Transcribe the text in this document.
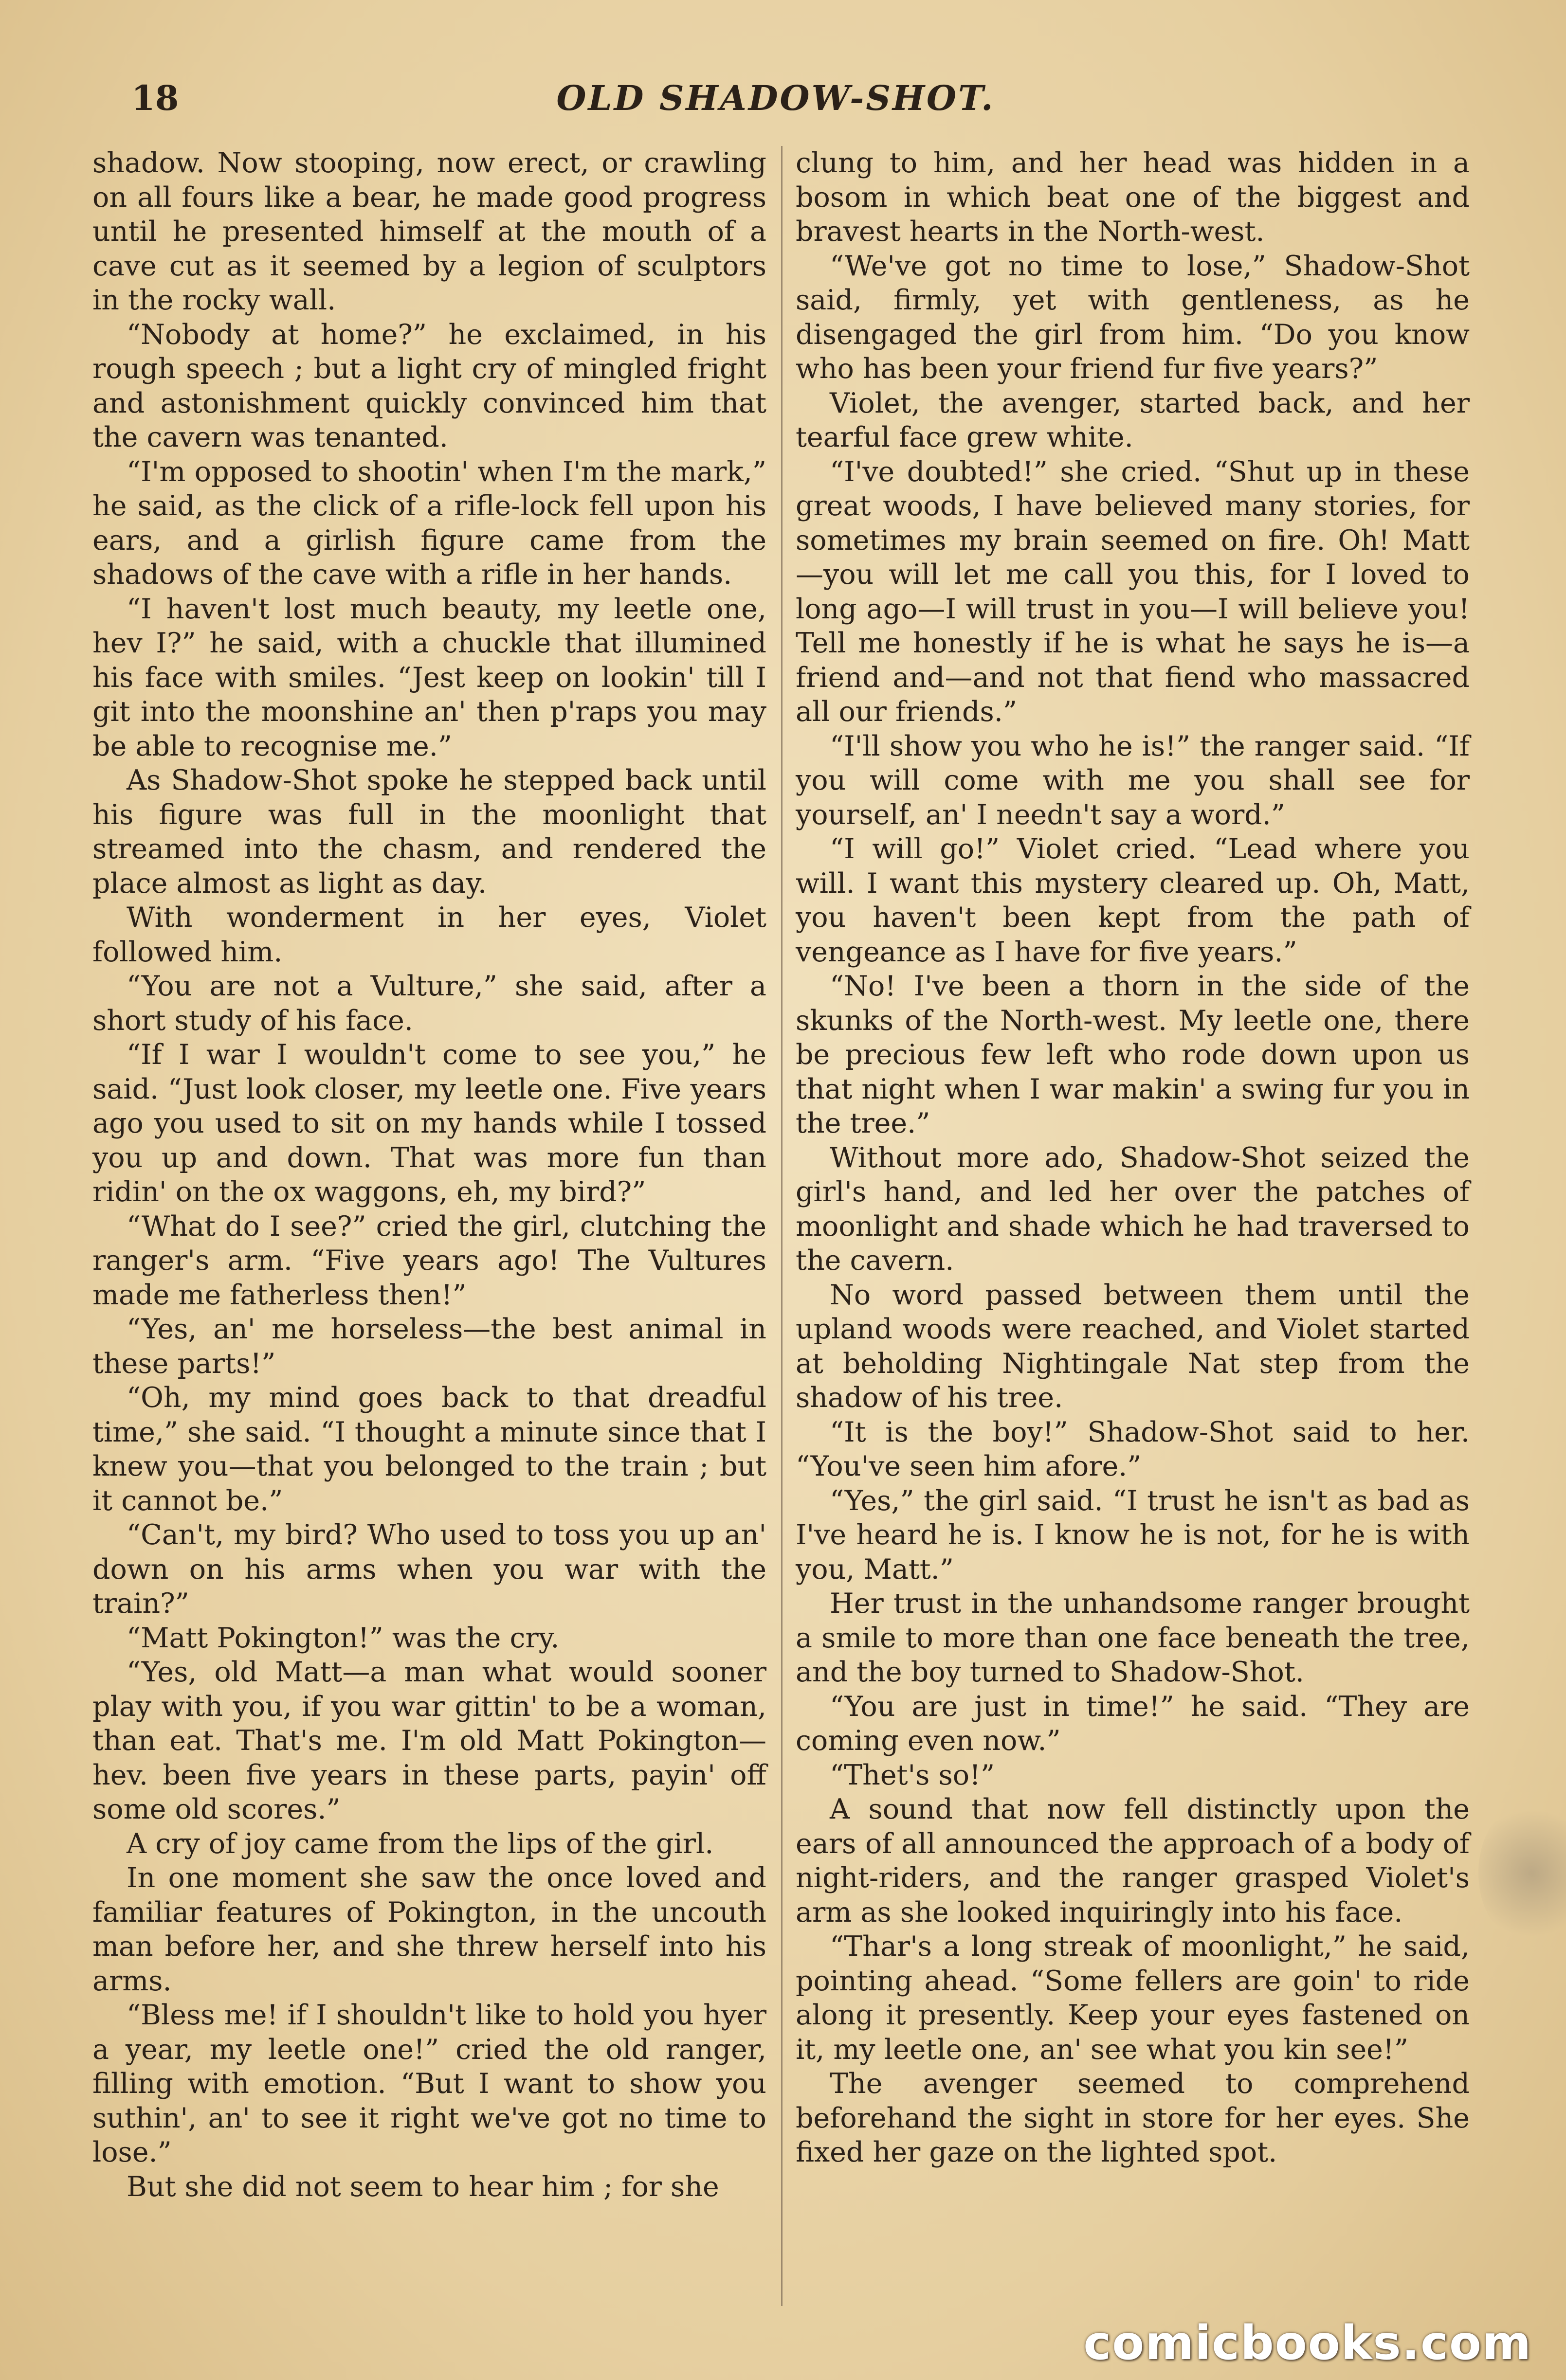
18	OLD SHADOW-SHOT.

shadow. Now stooping, now erect, or crawling on all fours like a bear, he made good progress until he presented himself at the mouth of a cave cut as it seemed by a legion of sculptors in the rocky wall.

“Nobody at home?” he exclaimed, in his rough speech ; but a light cry of mingled fright and astonishment quickly convinced him that the cavern was tenanted.

“I'm opposed to shootin' when I'm the mark,” he said, as the click of a rifle-lock fell upon his ears, and a girlish figure came from the shadows of the cave with a rifle in her hands.

“I haven't lost much beauty, my leetle one, hev I?” he said, with a chuckle that illumined his face with smiles. “Jest keep on lookin' till I git into the moonshine an' then p'raps you may be able to recognise me.”

As Shadow-Shot spoke he stepped back until his figure was full in the moonlight that streamed into the chasm, and rendered the place almost as light as day.

With wonderment in her eyes, Violet followed him.

“You are not a Vulture,” she said, after a short study of his face.

“If I war I wouldn't come to see you,” he said. “Just look closer, my leetle one. Five years ago you used to sit on my hands while I tossed you up and down. That was more fun than ridin' on the ox waggons, eh, my bird?”

“What do I see?” cried the girl, clutching the ranger's arm. “Five years ago! The Vultures made me fatherless then!”

“Yes, an' me horseless—the best animal in these parts!”

“Oh, my mind goes back to that dreadful time,” she said. “I thought a minute since that I knew you—that you belonged to the train ; but it cannot be.”

“Can't, my bird? Who used to toss you up an' down on his arms when you war with the train?”

“Matt Pokington!” was the cry.

“Yes, old Matt—a man what would sooner play with you, if you war gittin' to be a woman, than eat. That's me. I'm old Matt Pokington—hev. been five years in these parts, payin' off some old scores.”

A cry of joy came from the lips of the girl.

In one moment she saw the once loved and familiar features of Pokington, in the uncouth man before her, and she threw herself into his arms.

“Bless me! if I shouldn't like to hold you hyer a year, my leetle one!” cried the old ranger, filling with emotion. “But I want to show you suthin', an' to see it right we've got no time to lose.”

But she did not seem to hear him ; for she

clung to him, and her head was hidden in a bosom in which beat one of the biggest and bravest hearts in the North-west.

“We've got no time to lose,” Shadow-Shot said, firmly, yet with gentleness, as he disengaged the girl from him. “Do you know who has been your friend fur five years?”

Violet, the avenger, started back, and her tearful face grew white.

“I've doubted!” she cried. “Shut up in these great woods, I have believed many stories, for sometimes my brain seemed on fire. Oh! Matt—you will let me call you this, for I loved to long ago—I will trust in you—I will believe you! Tell me honestly if he is what he says he is—a friend and—and not that fiend who massacred all our friends.”

“I'll show you who he is!” the ranger said. “If you will come with me you shall see for yourself, an' I needn't say a word.”

“I will go!” Violet cried. “Lead where you will. I want this mystery cleared up. Oh, Matt, you haven't been kept from the path of vengeance as I have for five years.”

“No! I've been a thorn in the side of the skunks of the North-west. My leetle one, there be precious few left who rode down upon us that night when I war makin' a swing fur you in the tree.”

Without more ado, Shadow-Shot seized the girl's hand, and led her over the patches of moonlight and shade which he had traversed to the cavern.

No word passed between them until the upland woods were reached, and Violet started at beholding Nightingale Nat step from the shadow of his tree.

“It is the boy!” Shadow-Shot said to her. “You've seen him afore.”

“Yes,” the girl said. “I trust he isn't as bad as I've heard he is. I know he is not, for he is with you, Matt.”

Her trust in the unhandsome ranger brought a smile to more than one face beneath the tree, and the boy turned to Shadow-Shot.

“You are just in time!” he said. “They are coming even now.”

“Thet's so!”

A sound that now fell distinctly upon the ears of all announced the approach of a body of night-riders, and the ranger grasped Violet's arm as she looked inquiringly into his face.

“Thar's a long streak of moonlight,” he said, pointing ahead. “Some fellers are goin' to ride along it presently. Keep your eyes fastened on it, my leetle one, an' see what you kin see!”

The avenger seemed to comprehend beforehand the sight in store for her eyes. She fixed her gaze on the lighted spot.

comicbooks.com
